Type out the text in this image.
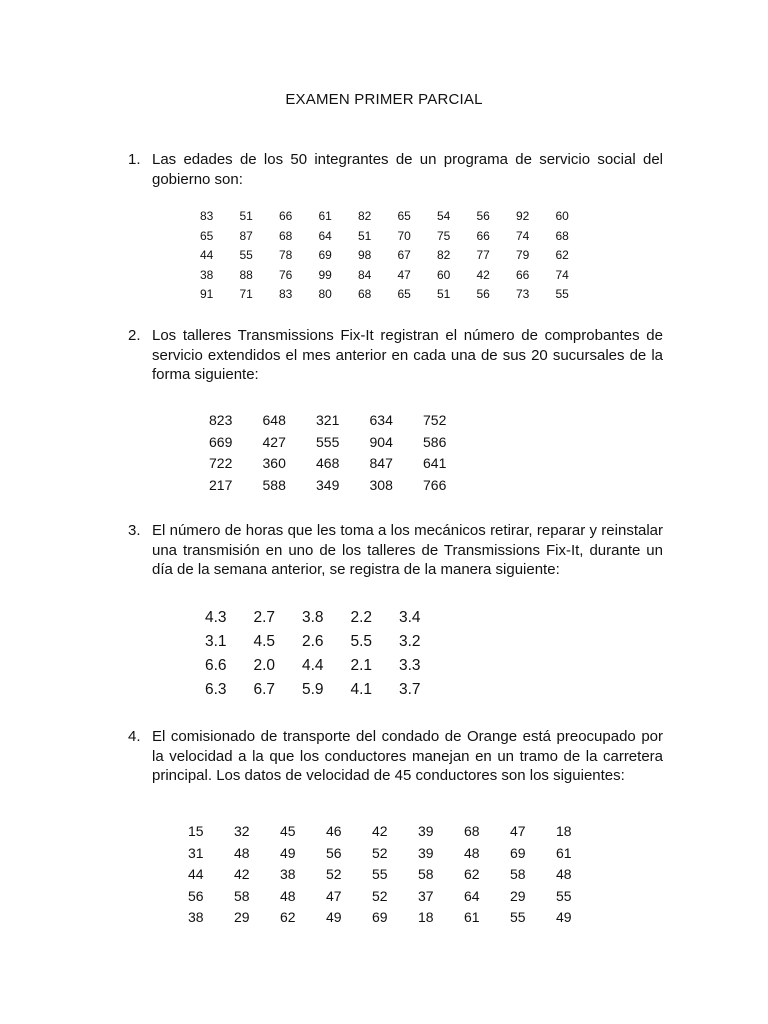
EXAMEN PRIMER PARCIAL
1. Las edades de los 50 integrantes de un programa de servicio social del gobierno son:
83	51	66	61	82	65	54	56	92	60
65	87	68	64	51	70	75	66	74	68
44	55	78	69	98	67	82	77	79	62
38	88	76	99	84	47	60	42	66	74
91	71	83	80	68	65	51	56	73	55
2. Los talleres Transmissions Fix-It registran el número de comprobantes de servicio extendidos el mes anterior en cada una de sus 20 sucursales de la forma siguiente:
823	648	321	634	752
669	427	555	904	586
722	360	468	847	641
217	588	349	308	766
3. El número de horas que les toma a los mecánicos retirar, reparar y reinstalar una transmisión en uno de los talleres de Transmissions Fix-It, durante un día de la semana anterior, se registra de la manera siguiente:
4.3	2.7	3.8	2.2	3.4
3.1	4.5	2.6	5.5	3.2
6.6	2.0	4.4	2.1	3.3
6.3	6.7	5.9	4.1	3.7
4. El comisionado de transporte del condado de Orange está preocupado por la velocidad a la que los conductores manejan en un tramo de la carretera principal. Los datos de velocidad de 45 conductores son los siguientes:
15	32	45	46	42	39	68	47	18
31	48	49	56	52	39	48	69	61
44	42	38	52	55	58	62	58	48
56	58	48	47	52	37	64	29	55
38	29	62	49	69	18	61	55	49
